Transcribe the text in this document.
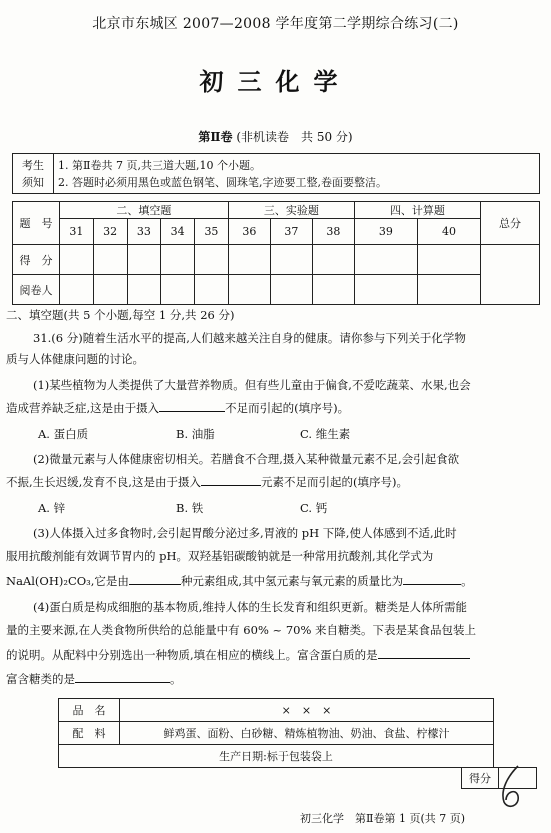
北京市东城区 2007—2008 学年度第二学期综合练习(二)
初三化学
第Ⅱ卷 (非机读卷　共 50 分)
考生
须知

1. 第Ⅱ卷共 7 页,共三道大题,10 个小题。
2. 答题时必须用黑色或蓝色钢笔、圆珠笔,字迹要工整,卷面要整洁。
题　号	二、填空题					三、实验题			四、计算题		总分
	31	32	33	34	35	36	37	38	39	40	
得　分											
阅卷人											
二、填空题(共 5 个小题,每空 1 分,共 26 分)
31.(6 分)随着生活水平的提高,人们越来越关注自身的健康。请你参与下列关于化学物
质与人体健康问题的讨论。
(1)某些植物为人类提供了大量营养物质。但有些儿童由于偏食,不爱吃蔬菜、水果,也会
造成营养缺乏症,这是由于摄入	不足而引起的(填序号)。
A. 蛋白质	B. 油脂	C. 维生素
(2)微量元素与人体健康密切相关。若膳食不合理,摄入某种微量元素不足,会引起食欲
不振,生长迟缓,发育不良,这是由于摄入	元素不足而引起的(填序号)。
A. 锌	B. 铁	C. 钙
(3)人体摄入过多食物时,会引起胃酸分泌过多,胃液的 pH 下降,使人体感到不适,此时
服用抗酸剂能有效调节胃内的 pH。双羟基铝碳酸钠就是一种常用抗酸剂,其化学式为
NaAl(OH)₂CO₃,它是由	种元素组成,其中氢元素与氧元素的质量比为	。
(4)蛋白质是构成细胞的基本物质,维持人体的生长发育和组织更新。糖类是人体所需能
量的主要来源,在人类食物所供给的总能量中有 60% ~ 70% 来自糖类。下表是某食品包装上
的说明。从配料中分别选出一种物质,填在相应的横线上。富含蛋白质的是
富含糖类的是	。
品　名	×　×　×
配　料	鲜鸡蛋、面粉、白砂糖、精炼植物油、奶油、食盐、柠檬汁
生产日期:标于包装袋上	
得分	
初三化学　第Ⅱ卷第 1 页(共 7 页)
